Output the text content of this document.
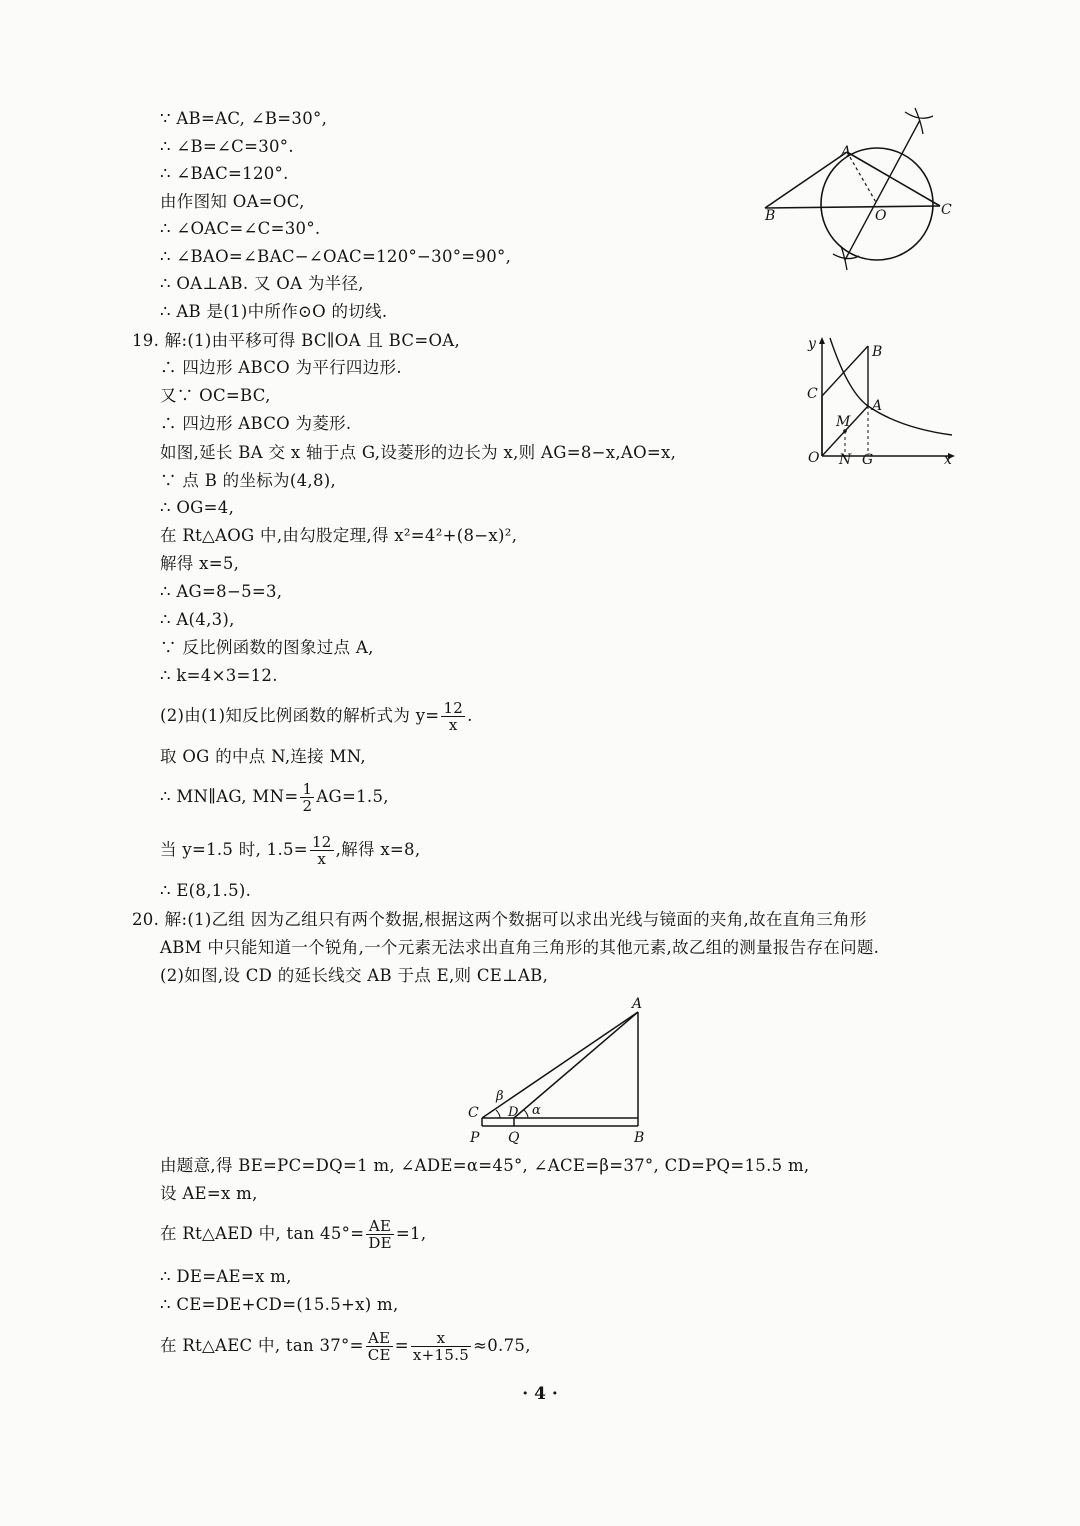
∵ AB=AC, ∠B=30°,
∴ ∠B=∠C=30°.
∴ ∠BAC=120°.
由作图知 OA=OC,
∴ ∠OAC=∠C=30°.
∴ ∠BAO=∠BAC−∠OAC=120°−30°=90°,
∴ OA⊥AB. 又 OA 为半径,
∴ AB 是(1)中所作⊙O 的切线.
19. 解:(1)由平移可得 BC∥OA 且 BC=OA,
∴ 四边形 ABCO 为平行四边形.
又∵ OC=BC,
∴ 四边形 ABCO 为菱形.
如图,延长 BA 交 x 轴于点 G,设菱形的边长为 x,则 AG=8−x,AO=x,
∵ 点 B 的坐标为(4,8),
∴ OG=4,
在 Rt△AOG 中,由勾股定理,得 x²=4²+(8−x)²,
解得 x=5,
∴ AG=8−5=3,
∴ A(4,3),
∵ 反比例函数的图象过点 A,
∴ k=4×3=12.
(2)由(1)知反比例函数的解析式为 $y= \frac{12}{x}$ .
取 OG 的中点 N,连接 MN,
∴ MN∥AG, $MN= \frac{1}{2} AG=1.5$,
当 y=1.5 时, $1.5= \frac{12}{x}$ ,解得 x=8,
∴ E(8,1.5).
20. 解:(1)乙组 因为乙组只有两个数据,根据这两个数据可以求出光线与镜面的夹角,故在直角三角形
ABM 中只能知道一个锐角,一个元素无法求出直角三角形的其他元素,故乙组的测量报告存在问题.
(2)如图,设 CD 的延长线交 AB 于点 E,则 CE⊥AB,
由题意,得 BE=PC=DQ=1 m, ∠ADE=α=45°, ∠ACE=β=37°, CD=PQ=15.5 m,
设 AE=x m,
在 Rt△AED 中, $\tan 45^\circ= \frac{AE}{DE} =1$,
∴ DE=AE=x m,
∴ CE=DE+CD=(15.5+x) m,
在 Rt△AEC 中, $\tan 37^\circ= \frac{AE}{CE} = \frac{x}{x+15.5} \approx 0.75$,
A
B	O	C
y	B
C
M
A
O N G	x
A
β
C D α
P Q	B
· 4 ·
